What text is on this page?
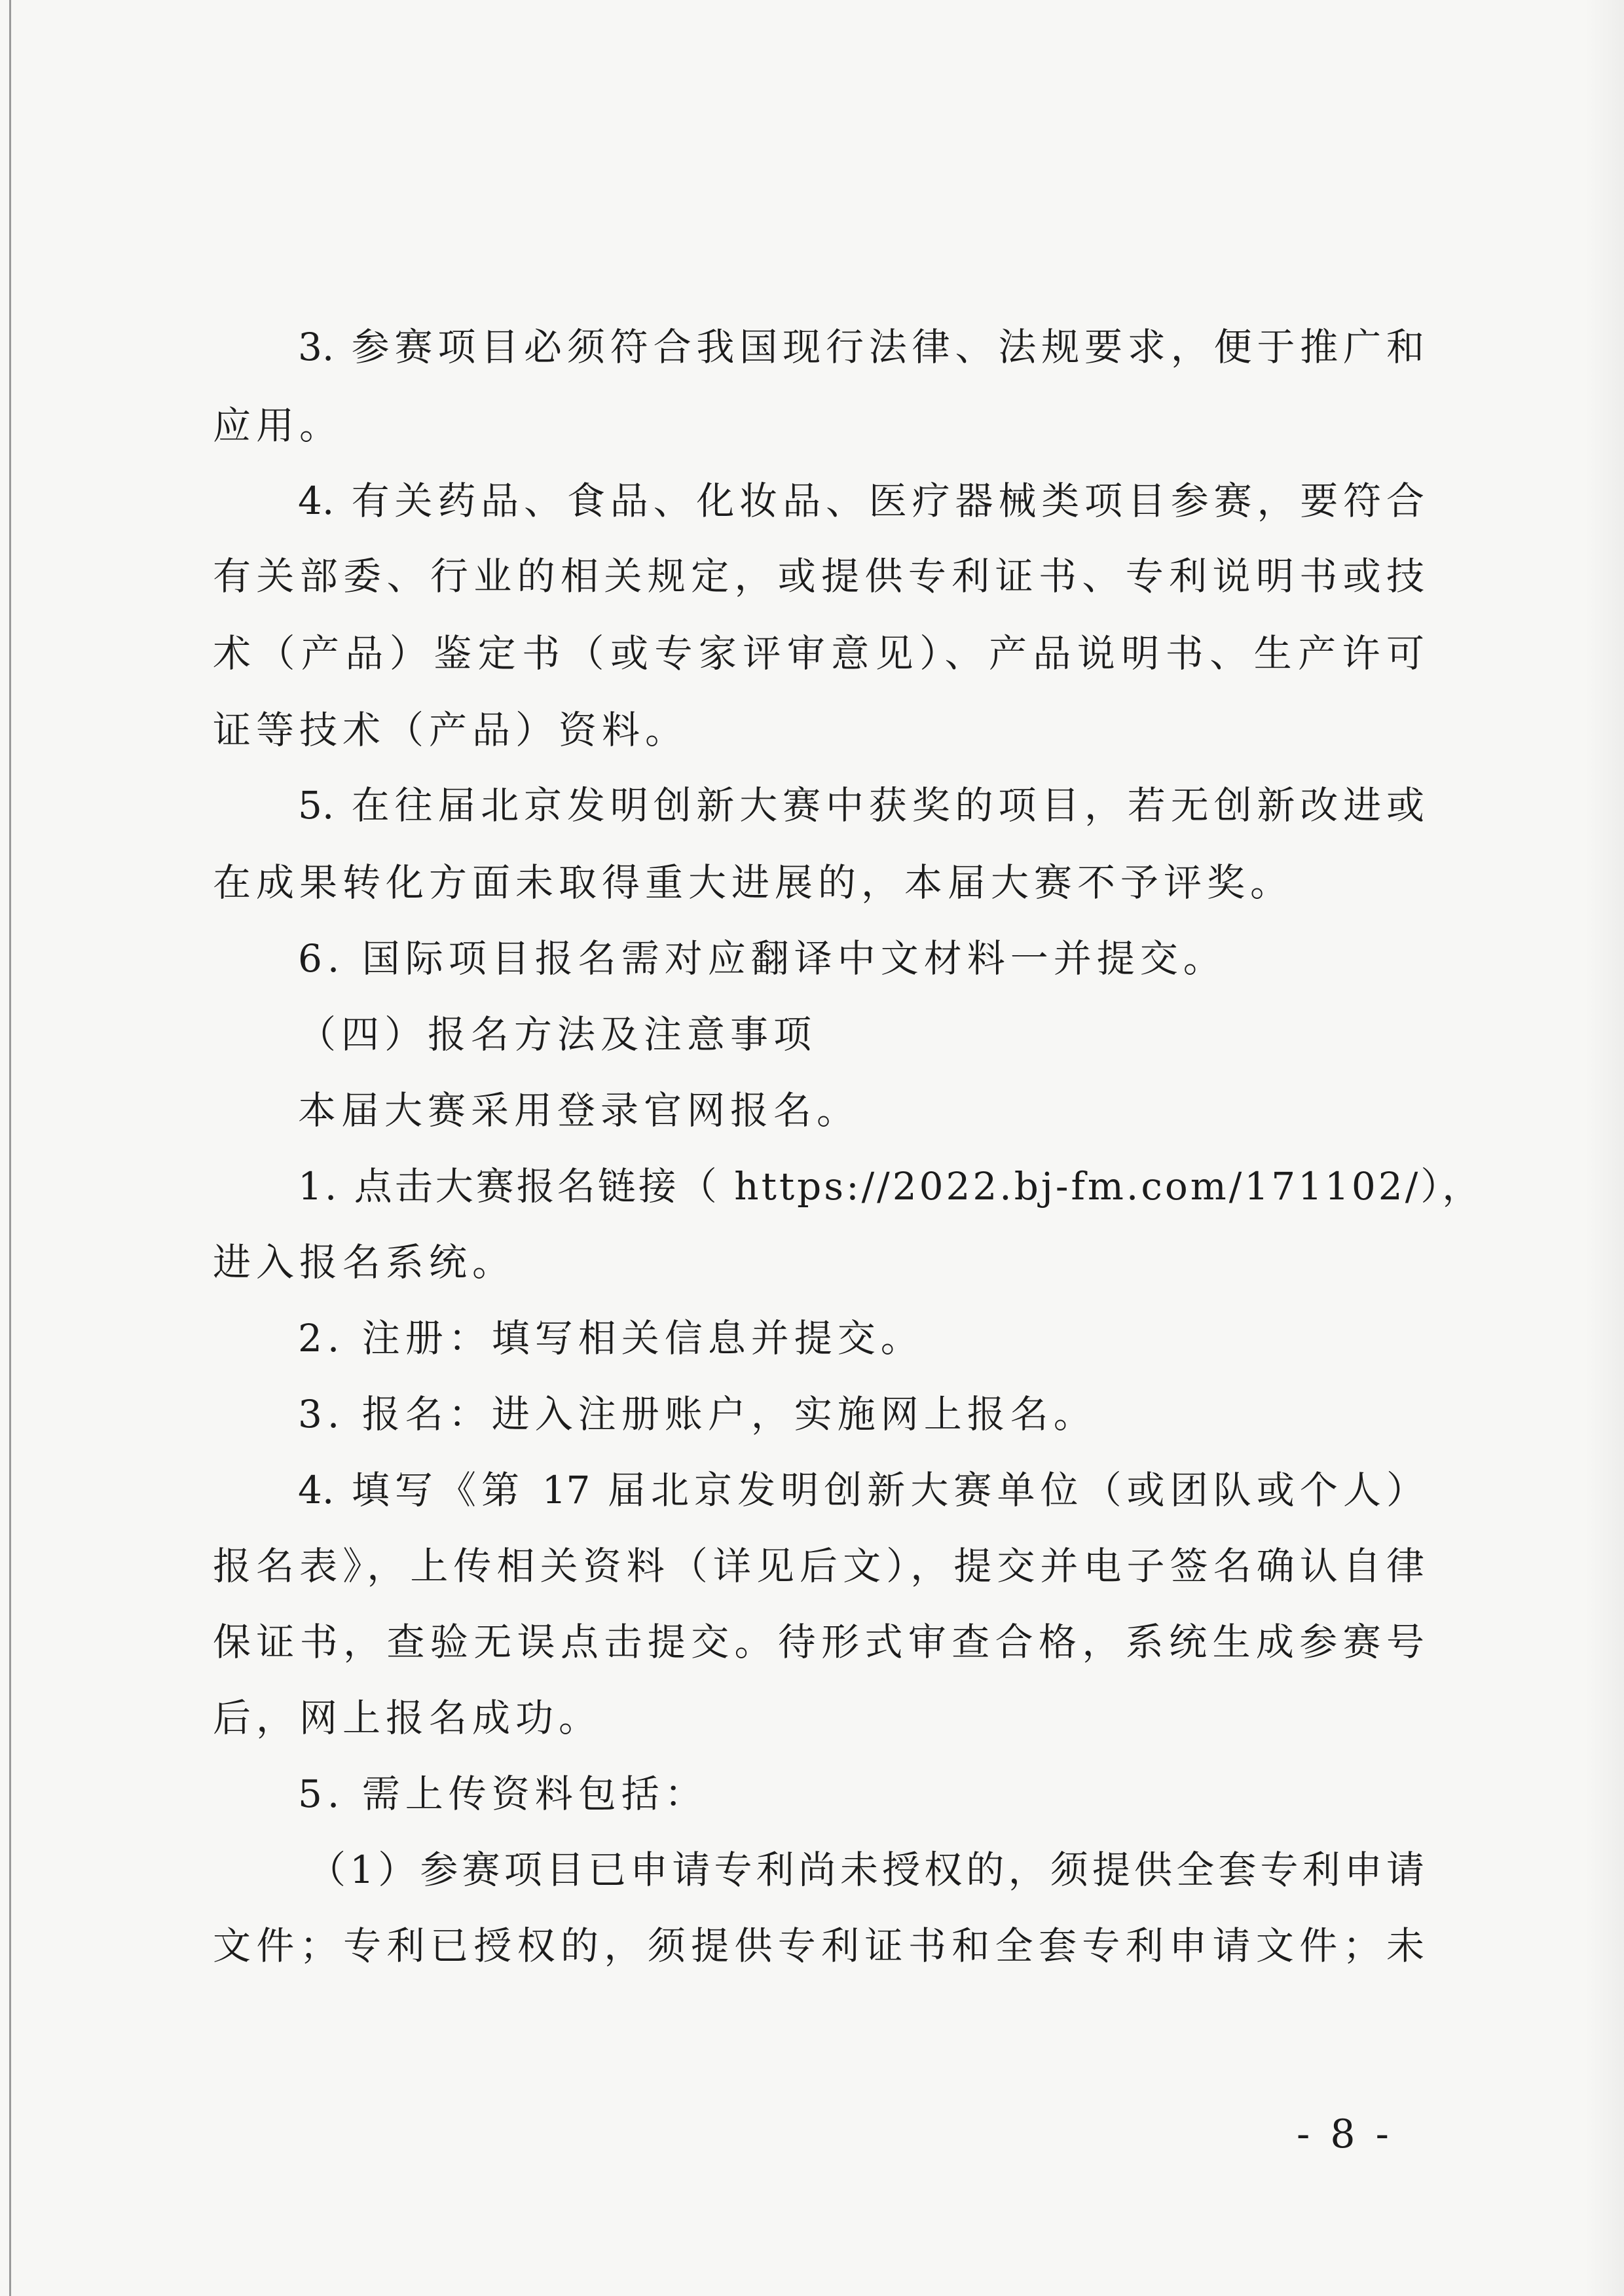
3. 参赛项目必须符合我国现行法律、法规要求，便于推广和
应用。
4. 有关药品、食品、化妆品、医疗器械类项目参赛，要符合
有关部委、行业的相关规定，或提供专利证书、专利说明书或技
术（产品）鉴定书（或专家评审意见）、产品说明书、生产许可
证等技术（产品）资料。
5. 在往届北京发明创新大赛中获奖的项目，若无创新改进或
在成果转化方面未取得重大进展的，本届大赛不予评奖。
6. 国际项目报名需对应翻译中文材料一并提交。
（四）报名方法及注意事项
本届大赛采用登录官网报名。
1. 点击大赛报名链接（ https://2022.bj-fm.com/171102/），
进入报名系统。
2. 注册：填写相关信息并提交。
3. 报名：进入注册账户，实施网上报名。
4. 填写《第 17 届北京发明创新大赛单位（或团队或个人）
报名表》，上传相关资料（详见后文），提交并电子签名确认自律
保证书，查验无误点击提交。待形式审查合格，系统生成参赛号
后，网上报名成功。
5. 需上传资料包括：
（1）参赛项目已申请专利尚未授权的，须提供全套专利申请
文件；专利已授权的，须提供专利证书和全套专利申请文件；未
- 8 -
